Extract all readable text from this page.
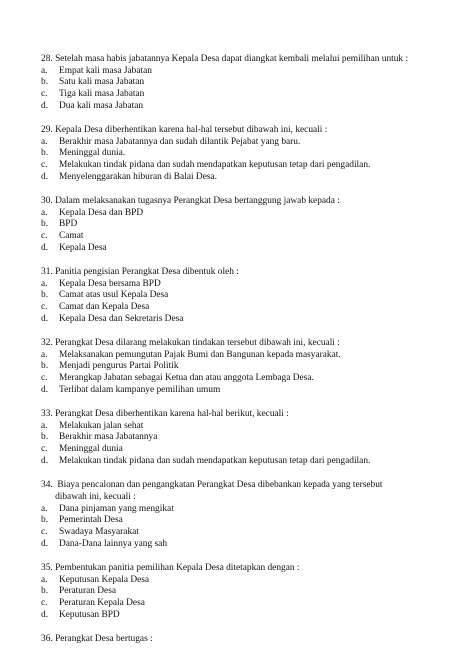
28. Setelah masa habis jabatannya Kepala Desa dapat diangkat kembali melalui pemilihan untuk :

a.	Empat kali masa Jabatan
b.	Satu kali masa Jabatan
c.	Tiga kali masa Jabatan
d.	Dua kali masa Jabatan

29. Kepala Desa diberhentikan karena hal-hal tersebut dibawah ini, kecuali :

a.	Berakhir masa Jabatannya dan sudah dilantik Pejabat yang baru.
b.	Meninggal dunia.
c.	Melakukan tindak pidana dan sudah mendapatkan keputusan tetap dari pengadilan.
d.	Menyelenggarakan hiburan di Balai Desa.

30. Dalam melaksanakan tugasnya Perangkat Desa bertanggung jawab kepada :

a.	Kepala Desa dan BPD
b.	BPD
c.	Camat
d.	Kepala Desa

31. Panitia pengisian Perangkat Desa dibentuk oleh :

a.	Kepala Desa bersama BPD
b.	Camat atas usul Kepala Desa
c.	Camat dan Kepala Desa
d.	Kepala Desa dan Sekretaris Desa

32. Perangkat Desa dilarang melakukan tindakan tersebut dibawah ini, kecuali :

a.	Melaksanakan pemungutan Pajak Bumi dan Bangunan kepada masyarakat.
b.	Menjadi pengurus Partai Politik
c.	Merangkap Jabatan sebagai Ketua dan atau anggota Lembaga Desa.
d.	Terlibat dalam kampanye pemilihan umum

33. Perangkat Desa diberhentikan karena hal-hal berikut, kecuali :

a.	Melakukan jalan sehat
b.	Berakhir masa Jabatannya
c.	Meninggal dunia
d.	Melakukan tindak pidana dan sudah mendapatkan keputusan tetap dari pengadilan.

34.  Biaya pencalonan dan pengangkatan Perangkat Desa dibebankan kepada yang tersebut
dibawah ini, kecuali :

a.	Dana pinjaman yang mengikat
b.	Pemerintah Desa
c.	Swadaya Masyarakat
d.	Dana-Dana lainnya yang sah

35. Pembentukan panitia pemilihan Kepala Desa ditetapkan dengan :

a.	Keputusan Kepala Desa
b.	Peraturan Desa
c.	Peraturan Kepala Desa
d.	Keputusan BPD

36. Perangkat Desa bertugas :
